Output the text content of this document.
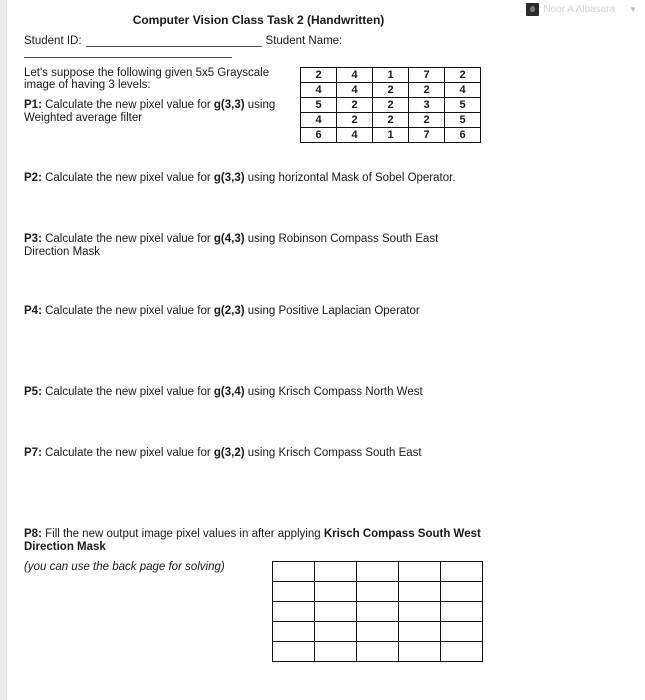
Noor A Albasara ▼
Computer Vision Class Task 2 (Handwritten)
Student ID:	Student Name:
Let's suppose the following given 5x5 Grayscale image of having 3 levels:
P1: Calculate the new pixel value for g(3,3) using Weighted average filter
2	4	1	7	2
4	4	2	2	4
5	2	2	3	5
4	2	2	2	5
6	4	1	7	6
P2: Calculate the new pixel value for g(3,3) using horizontal Mask of Sobel Operator.
P3: Calculate the new pixel value for g(4,3) using Robinson Compass South East Direction Mask
P4: Calculate the new pixel value for g(2,3) using Positive Laplacian Operator
P5: Calculate the new pixel value for g(3,4) using Krisch Compass North West
P7: Calculate the new pixel value for g(3,2) using Krisch Compass South East
P8: Fill the new output image pixel values in after applying Krisch Compass South West Direction Mask
(you can use the back page for solving)
